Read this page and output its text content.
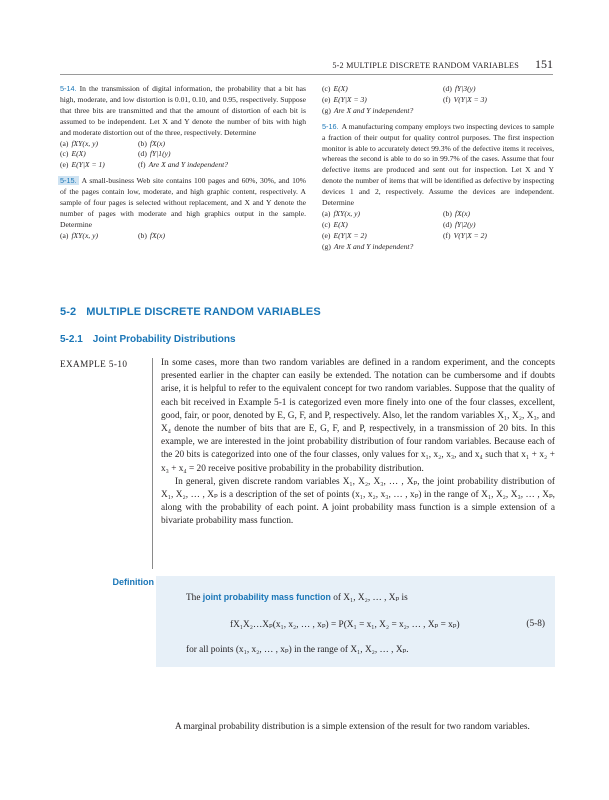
5-2 MULTIPLE DISCRETE RANDOM VARIABLES 151
5-14. In the transmission of digital information, the probability that a bit has high, moderate, and low distortion is 0.01, 0.10, and 0.95, respectively. Suppose that three bits are transmitted and that the amount of distortion of each bit is assumed to be independent. Let X and Y denote the number of bits with high and moderate distortion out of the three, respectively. Determine
(a) fXY(x, y)	(b) fX(x)
(c) E(X)	(d) fY|1(y)
(e) E(Y|X = 1)	(f) Are X and Y independent?
5-15. A small-business Web site contains 100 pages and 60%, 30%, and 10% of the pages contain low, moderate, and high graphic content, respectively. A sample of four pages is selected without replacement, and X and Y denote the number of pages with moderate and high graphics output in the sample. Determine
(a) fXY(x, y)	(b) fX(x)
(c) E(X)	(d) fY|3(y)
(e) E(Y|X = 3)	(f) V(Y|X = 3)
(g) Are X and Y independent?
5-16. A manufacturing company employs two inspecting devices to sample a fraction of their output for quality control purposes. The first inspection monitor is able to accurately detect 99.3% of the defective items it receives, whereas the second is able to do so in 99.7% of the cases. Assume that four defective items are produced and sent out for inspection. Let X and Y denote the number of items that will be identified as defective by inspecting devices 1 and 2, respectively. Assume the devices are independent. Determine
(a) fXY(x, y)	(b) fX(x)
(c) E(X)	(d) fY|2(y)
(e) E(Y|X = 2)	(f) V(Y|X = 2)
(g) Are X and Y independent?
5-2 MULTIPLE DISCRETE RANDOM VARIABLES
5-2.1 Joint Probability Distributions
EXAMPLE 5-10	In some cases, more than two random variables are defined in a random experiment, and the concepts presented earlier in the chapter can easily be extended. The notation can be cumbersome and if doubts arise, it is helpful to refer to the equivalent concept for two random variables. Suppose that the quality of each bit received in Example 5-1 is categorized even more finely into one of the four classes, excellent, good, fair, or poor, denoted by E, G, F, and P, respectively. Also, let the random variables X₁, X₂, X₃, and X₄ denote the number of bits that are E, G, F, and P, respectively, in a transmission of 20 bits. In this example, we are interested in the joint probability distribution of four random variables. Because each of the 20 bits is categorized into one of the four classes, only values for x₁, x₂, x₃, and x₄ such that x₁ + x₂ + x₃ + x₄ = 20 receive positive probability in the probability distribution.

In general, given discrete random variables X₁, X₂, X₃, … , Xₚ, the joint probability distribution of X₁, X₂, … , Xₚ is a description of the set of points (x₁, x₂, x₃, … , xₚ) in the range of X₁, X₂, X₃, … , Xₚ, along with the probability of each point. A joint probability mass function is a simple extension of a bivariate probability mass function.

Definition
The joint probability mass function of X₁, X₂, … , Xₚ is
fX₁X₂…Xₚ(x₁, x₂, … , xₚ) = P(X₁ = x₁, X₂ = x₂, … , Xₚ = xₚ)	(5-8)
for all points (x₁, x₂, … , xₚ) in the range of X₁, X₂, … , Xₚ.

A marginal probability distribution is a simple extension of the result for two random variables.
